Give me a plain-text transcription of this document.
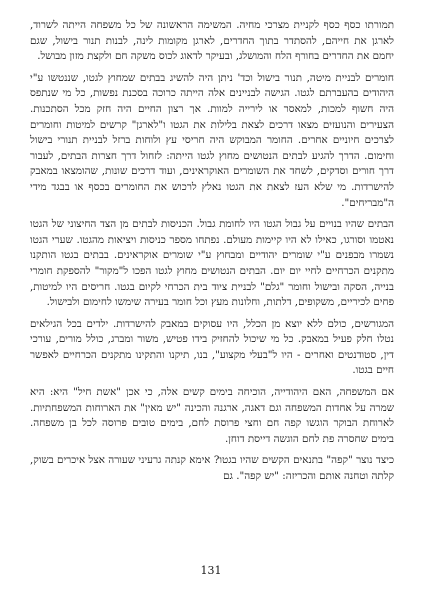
תמורתו כסף כסף לקניית מצרכי מחיה. המשימה הראשונה של כל משפחה הייתה לשרוד, לארגן את חייהם, להסתדר בתוך החדרים, לארגן מקומות לינה, לבנות תנור בישול, שגם יחמם את החדרים בחורף הלח והמושלג, ובעיקר לדאוג לכוס משקה חם ולקצת מזון מבושל.

חומרים לבניית מיטה, תנור בישול וכד' ניתן היה להשיג בבתים שמחוץ לגטו, שננטשו ע"י היהודים בהעברתם לגטו. הגישה לבניינים אלה הייתה כרוכה בסכנת נפשות, כל מי שנתפס היה חשוף למכות, למאסר או לירייה למוות. אך רצון החיים היה חזק מכל הסתכנות. הצעירים והנועזים מצאו דרכים לצאת בלילות את הגטו ו"לארגן" קרשים למיטות וחומרים לצרכים חיוניים אחרים. החומר המבוקש היה חריסי עץ ולוחות ברזל לבניית תנורי בישול וחימום. הדרך להגיע לבתים הנטושים מחוץ לגטו הייתה: לזחול דרך חצרות הבתים, לעבור דרך חורים וסדקים, לשחד את השומרים האוקראינים, ועוד דרכים שונות, שהומצאו במאבק להישרדות. מי שלא העז לצאת את הגטו נאלץ לרכוש את החומרים בכסף או בבגד מידי ה"מבריחים".

הבתים שהיו בנויים על גבול הגטו היו לחומת גבול. הכניסות לבתים מן הצד החיצוני של הגטו נאטמו וסורגו, כאילו לא היו קיימות מעולם. נפתחו מספר כניסות ויציאות מהגטו. שערי הגטו נשמרו מבפנים ע"י שומרים יהודיים ומבחוץ ע"י שומרים אוקראינים. בבתים בגטו הותקנו מתקנים הכרחיים לחיי יום יום. הבתים הנטושים מחוץ לגטו הפכו ל"מקור" להספקת חומרי בנייה, הסקה ובישול וחומר "גלם" לבניית ציוד בית הכרחי לקיום בגטו. חריסים היו למיטות, פחים לכיריים, משקופים, דלתות, וחלונות מעץ וכל חומר בעירה שימשו לחימום ולבישול.

המגורשים, כולם ללא יוצא מן הכלל, היו עסוקים במאבק להישרדות. ילדים בכל הגילאים נטלו חלק פעיל במאבק. כל מי שיכול להחזיק בידו פטיש, משור ומברג, כולל מורים, עורכי דין, סטודנטים ואחרים - היו ל"בעלי מקצוע", בנו, תיקנו והתקינו מתקנים הכרחיים לאפשר חיים בגטו.

אם המשפחה, האם היהודייה, הוכיחה בימים קשים אלה, כי אכן "אשת חיל" היא: היא שמרה על אחדות המשפחה וגם דאגה, ארגנה והכינה "יש מאין" את הארוחות המשפחתיות. לארוחת הבוקר הוגשו קפה חם וחצי פרוסת לחם, בימים טובים פרוסה לכל בן משפחה. בימים שחסרה פת לחם הוגשה דייסת דוחן.

כיצד נוצר "קפה" בתנאים הקשים שהיו בגטו? אימא קנתה גרעיני שעורה אצל איכרים בשוק, קלתה וטחנה אותם והכריזה: "יש קפה". גם

131
